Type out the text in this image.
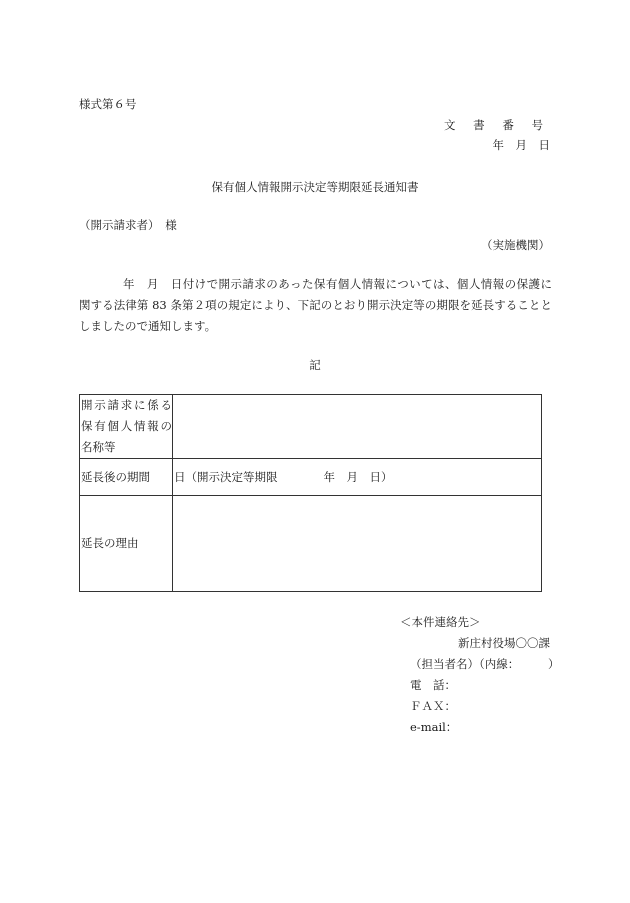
様式第６号
文 書 番 号
年　月　日
保有個人情報開示決定等期限延長通知書
（開示請求者）　様
（実施機関）

年　月　日付けで開示請求のあった保有個人情報については、個人情報の保護に

関する法律第 83 条第２項の規定により、下記のとおり開示決定等の期限を延長することと

しましたので通知します。

記
開示請求に係る
保有個人情報の
名称等	
延長後の期間	日（開示決定等期限　　　　年　月　日）
延長の理由	
＜本件連絡先＞
新庄村役場〇〇課
（担当者名）（内線：　　　）
電　話：
ＦＡＸ：
e-mail：
